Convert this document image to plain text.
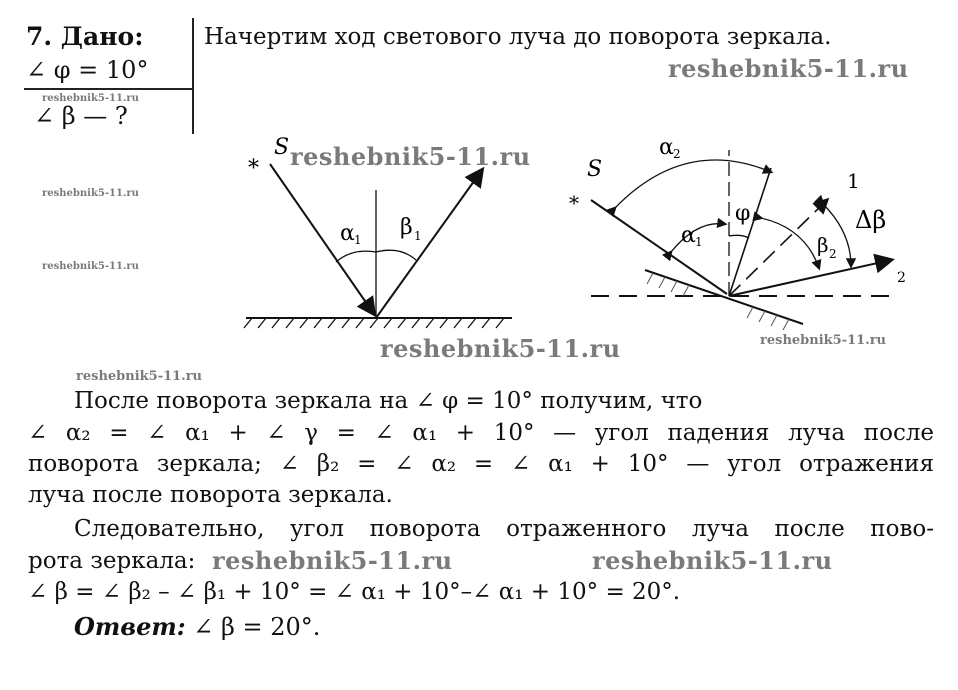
7. Дано:
∠ φ = 10°
∠ β — ?
Начертим ход светового луча до поворота зеркала.
reshebnik5-11.ru
reshebnik5-11.ru
reshebnik5-11.ru
reshebnik5-11.ru
reshebnik5-11.ru
reshebnik5-11.ru	reshebnik5-11.ru
reshebnik5-11.ru
⁎
S
α 1 β 1
⁎
S
α 2
α 1
φ
β 2
Δβ
1
2
После поворота зеркала на ∠ φ = 10° получим, что
∠ α₂ = ∠ α₁ + ∠ γ = ∠ α₁ + 10° — угол падения луча после
поворота зеркала; ∠ β₂ = ∠ α₂ = ∠ α₁ + 10° — угол отражения
луча после поворота зеркала.
Следовательно, угол поворота отраженного луча после пово-
рота зеркала: reshebnik5-11.ru	reshebnik5-11.ru
∠ β = ∠ β₂ – ∠ β₁ + 10° = ∠ α₁ + 10°–∠ α₁ + 10° = 20°.
Ответ: ∠ β = 20°.
